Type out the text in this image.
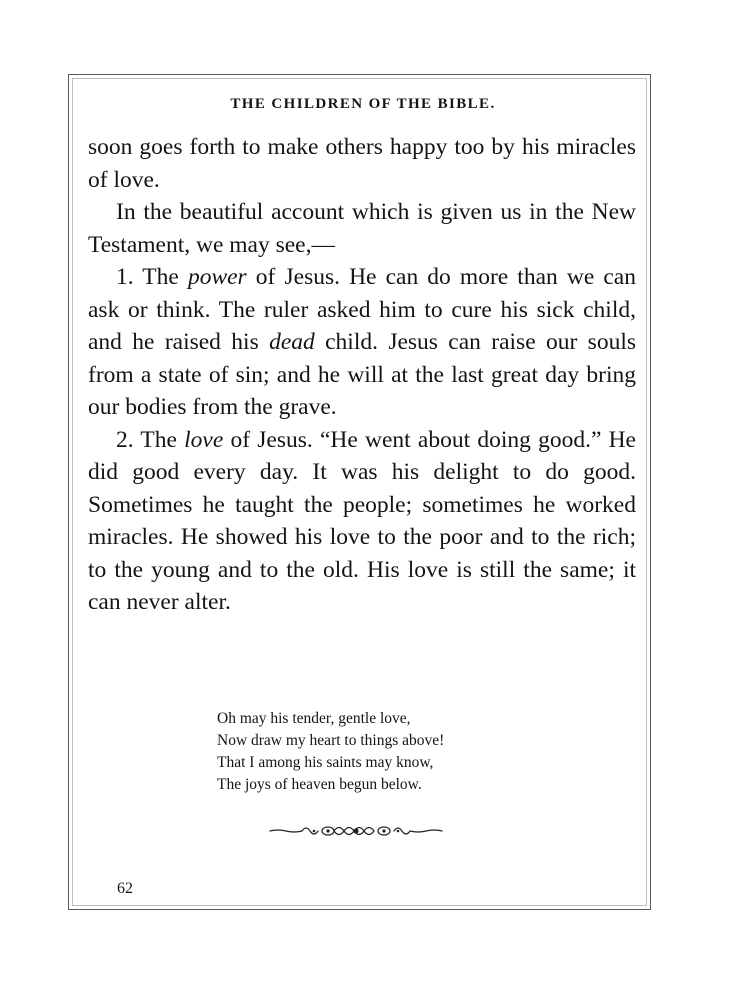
THE CHILDREN OF THE BIBLE.

soon goes forth to make others happy too by his miracles of love.

In the beautiful account which is given us in the New Testament, we may see,—

1. The power of Jesus. He can do more than we can ask or think. The ruler asked him to cure his sick child, and he raised his dead child. Jesus can raise our souls from a state of sin; and he will at the last great day bring our bodies from the grave.

2. The love of Jesus. “He went about doing good.” He did good every day. It was his delight to do good. Sometimes he taught the people; sometimes he worked miracles. He showed his love to the poor and to the rich; to the young and to the old. His love is still the same; it can never alter.

Oh may his tender, gentle love,
Now draw my heart to things above!
That I among his saints may know,
The joys of heaven begun below.
62
